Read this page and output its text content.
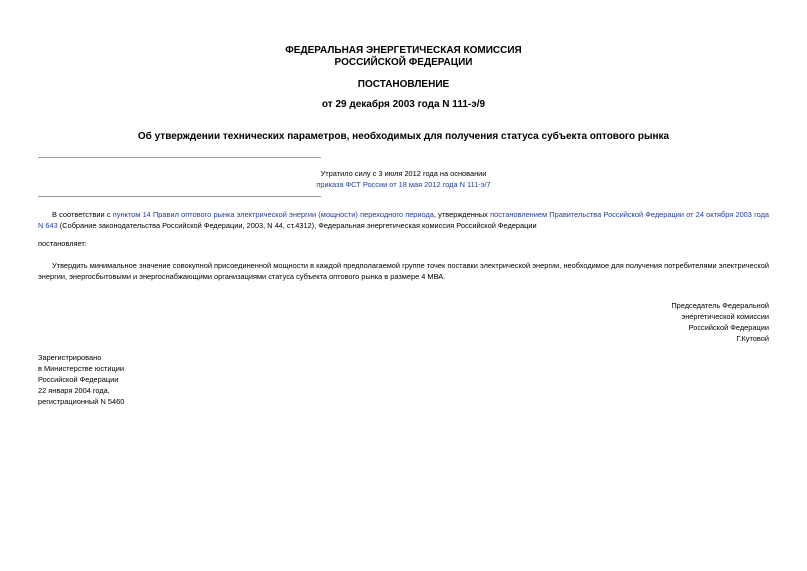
ФЕДЕРАЛЬНАЯ ЭНЕРГЕТИЧЕСКАЯ КОМИССИЯ
РОССИЙСКОЙ ФЕДЕРАЦИИ
ПОСТАНОВЛЕНИЕ
от 29 декабря 2003 года N 111-э/9
Об утверждении технических параметров, необходимых для получения статуса субъекта оптового рынка
Утратило силу с 3 июля 2012 года на основании
приказа ФСТ России от 18 мая 2012 года N 111-э/7
В соответствии с пунктом 14 Правил оптового рынка электрической энергии (мощности) переходного периода, утвержденных постановлением Правительства Российской Федерации от 24 октября 2003 года N 643 (Собрание законодательства Российской Федерации, 2003, N 44, ст.4312), Федеральная энергетическая комиссия Российской Федерации
постановляет:
Утвердить минимальное значение совокупной присоединенной мощности в каждой предполагаемой группе точек поставки электрической энергии, необходимое для получения потребителями электрической энергии, энергосбытовыми и энергоснабжающими организациями статуса субъекта оптового рынка в размере 4 МВА.
Председатель Федеральной
энергетической комиссии
Российской Федерации
Г.Кутовой
Зарегистрировано
в Министерстве юстиции
Российской Федерации
22 января 2004 года,
регистрационный N 5460
